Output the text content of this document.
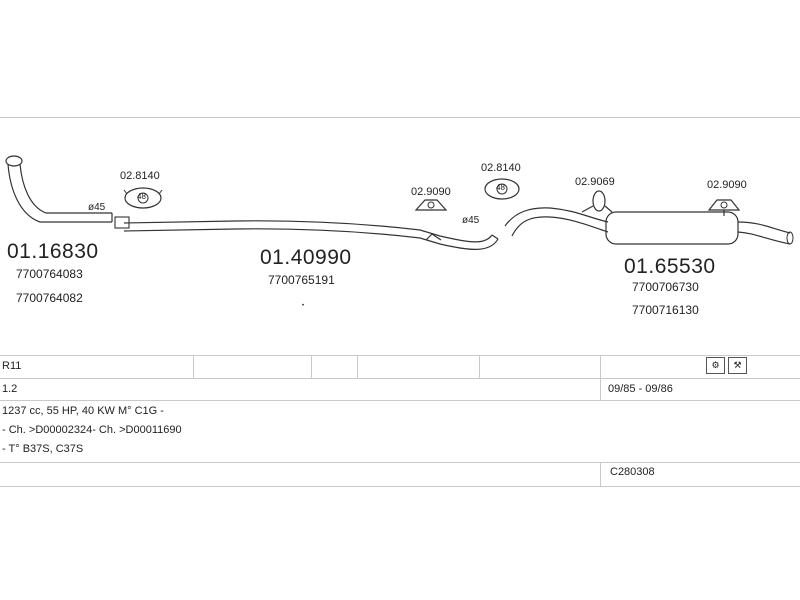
48
48
02.8140
02.9090
02.8140
02.9069	02.9090
ø45
ø45
01.16830
7700764083
7700764082
01.40990
7700765191
•
01.65530
7700706730
7700716130
R11
1.2	09/85 - 09/86
1237 cc, 55 HP, 40 KW M° C1G -
- Ch. >D00002324- Ch. >D00011690
- T° B37S, C37S
C280308
⚙	⚒
